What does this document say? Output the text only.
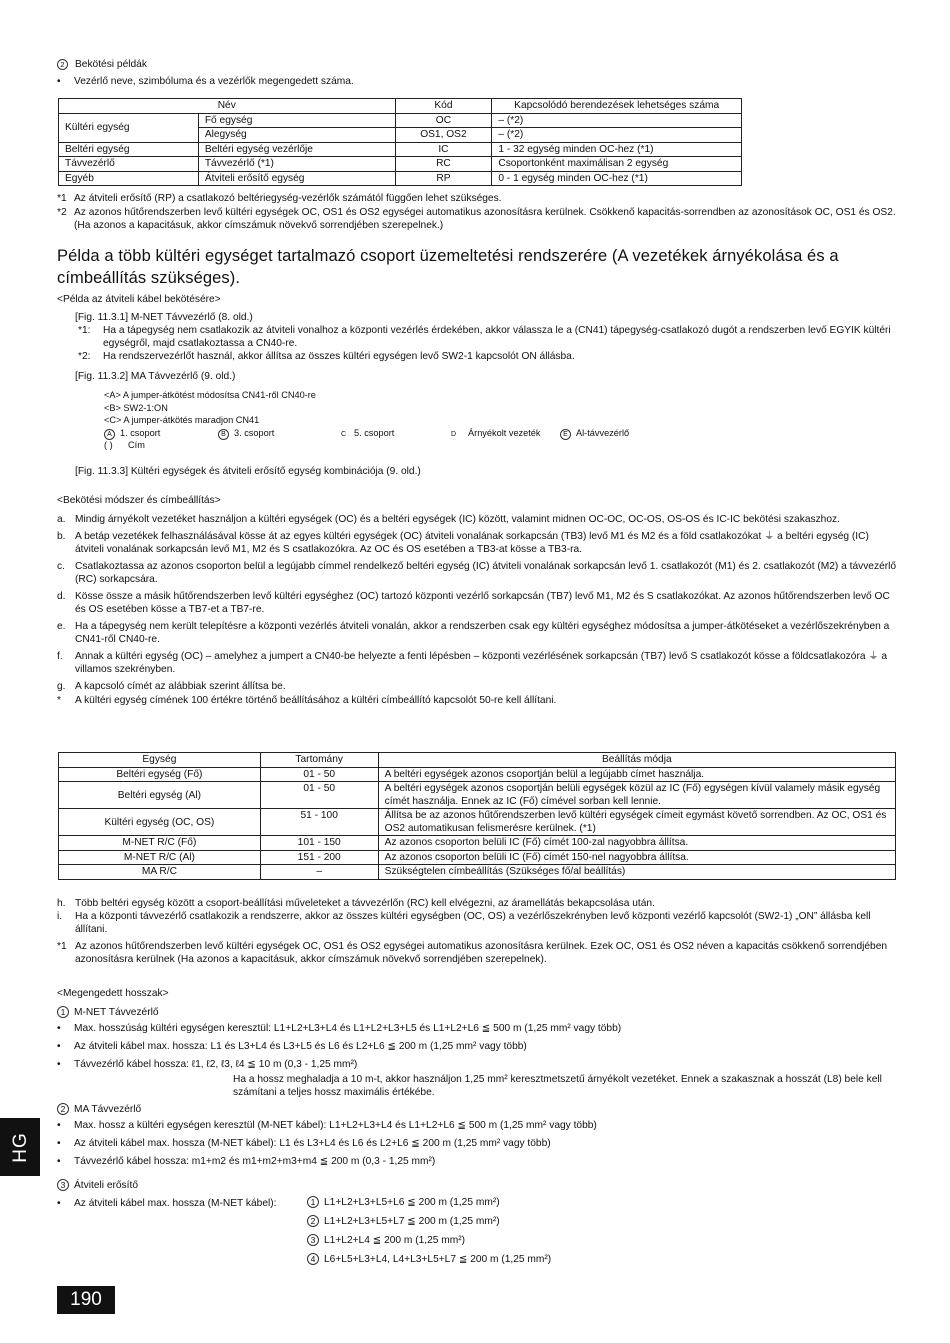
2 Bekötési példák
•	Vezérlő neve, szimbóluma és a vezérlők megengedett száma.
Név		Kód	Kapcsolódó berendezések lehetséges száma
Kültéri egység	Fő egység	OC	– (*2)
	Alegység	OS1, OS2	– (*2)
Beltéri egység	Beltéri egység vezérlője	IC	1 - 32 egység minden OC-hez (*1)
Távvezérlő	Távvezérlő (*1)	RC	Csoportonként maximálisan 2 egység
Egyéb	Átviteli erősítő egység	RP	0 - 1 egység minden OC-hez (*1)
*1 Az átviteli erősítő (RP) a csatlakozó beltériegység-vezérlők számától függően lehet szükséges.
*2 Az azonos hűtőrendszerben levő kültéri egységek OC, OS1 és OS2 egységei automatikus azonosításra kerülnek. Csökkenő kapacitás-sorrendben az azonosítások OC, OS1 és OS2. (Ha azonos a kapacitásuk, akkor címszámuk növekvő sorrendjében szerepelnek.)
Példa a több kültéri egységet tartalmazó csoport üzemeltetési rendszerére (A vezetékek árnyékolása és a címbeállítás szükséges).
<Példa az átviteli kábel bekötésére>
[Fig. 11.3.1] M-NET Távvezérlő (8. old.)
*1:	Ha a tápegység nem csatlakozik az átviteli vonalhoz a központi vezérlés érdekében, akkor válassza le a (CN41) tápegység-csatlakozó dugót a rendszerben levő EGYIK kültéri egységről, majd csatlakoztassa a CN40-re.
*2:	Ha rendszervezérlőt használ, akkor állítsa az összes kültéri egységen levő SW2-1 kapcsolót ON állásba.
[Fig. 11.3.2] MA Távvezérlő (9. old.)
<A> A jumper-átkötést módosítsa CN41-ről CN40-re
<B> SW2-1:ON
<C> A jumper-átkötés maradjon CN41
A 1. csoport	B 3. csoport	C 5. csoport	D Árnyékolt vezeték	E Al-távvezérlő
( )	Cím
[Fig. 11.3.3] Kültéri egységek és átviteli erősítő egység kombinációja (9. old.)
<Bekötési módszer és címbeállítás>
a. Mindig árnyékolt vezetéket használjon a kültéri egységek (OC) és a beltéri egységek (IC) között, valamint midnen OC-OC, OC-OS, OS-OS és IC-IC bekötési szakaszhoz.
b. A betáp vezetékek felhasználásával kösse át az egyes kültéri egységek (OC) átviteli vonalának sorkapcsán (TB3) levő M1 és M2 és a föld csatlakozókat ⏚ a beltéri egység (IC) átviteli vonalának sorkapcsán levő M1, M2 és S csatlakozókra. Az OC és OS esetében a TB3-at kösse a TB3-ra.
c. Csatlakoztassa az azonos csoporton belül a legújabb címmel rendelkező beltéri egység (IC) átviteli vonalának sorkapcsán levő 1. csatlakozót (M1) és 2. csatlakozót (M2) a távvezérlő (RC) sorkapcsára.
d. Kösse össze a másik hűtőrendszerben levő kültéri egységhez (OC) tartozó központi vezérlő sorkapcsán (TB7) levő M1, M2 és S csatlakozókat. Az azonos hűtőrendszerben levő OC és OS esetében kösse a TB7-et a TB7-re.
e. Ha a tápegység nem került telepítésre a központi vezérlés átviteli vonalán, akkor a rendszerben csak egy kültéri egységhez módosítsa a jumper-átkötéseket a vezérlőszekrényben a CN41-ről CN40-re.
f.	Annak a kültéri egység (OC) – amelyhez a jumpert a CN40-be helyezte a fenti lépésben – központi vezérlésének sorkapcsán (TB7) levő S csatlakozót kösse a földcsatlakozóra ⏚ a villamos szekrényben.
g. A kapcsoló címét az alábbiak szerint állítsa be.
*	A kültéri egység címének 100 értékre történő beállításához a kültéri címbeállító kapcsolót 50-re kell állítani.
Egység	Tartomány	Beállítás módja
Beltéri egység (Fő)	01 - 50	A beltéri egységek azonos csoportján belül a legújabb címet használja.
Beltéri egység (Al)	01 - 50	A beltéri egységek azonos csoportján belüli egységek közül az IC (Fő) egységen kívül valamely másik egység címét használja. Ennek az IC (Fő) címével sorban kell lennie.
Kültéri egység (OC, OS)	51 - 100	Állítsa be az azonos hűtőrendszerben levő kültéri egységek címeit egymást követő sorrendben. Az OC, OS1 és OS2 automatikusan felismerésre kerülnek. (*1)
M-NET R/C (Fő)	101 - 150	Az azonos csoporton belüli IC (Fő) címét 100-zal nagyobbra állítsa.
M-NET R/C (Al)	151 - 200	Az azonos csoporton belüli IC (Fő) címét 150-nel nagyobbra állítsa.
MA R/C	–	Szükségtelen címbeállítás (Szükséges fő/al beállítás)
h. Több beltéri egység között a csoport-beállítási műveleteket a távvezérlőn (RC) kell elvégezni, az áramellátás bekapcsolása után.
i.	Ha a központi távvezérlő csatlakozik a rendszerre, akkor az összes kültéri egységben (OC, OS) a vezérlőszekrényben levő központi vezérlő kapcsolót (SW2-1) „ON” állásba kell állítani.
*1 Az azonos hűtőrendszerben levő kültéri egységek OC, OS1 és OS2 egységei automatikus azonosításra kerülnek. Ezek OC, OS1 és OS2 néven a kapacitás csökkenő sorrendjében azonosításra kerülnek (Ha azonos a kapacitásuk, akkor címszámuk növekvő sorrendjében szerepelnek).
<Megengedett hosszak>
1 M-NET Távvezérlő
•	Max. hosszúság kültéri egységen keresztül: L1+L2+L3+L4 és L1+L2+L3+L5 és L1+L2+L6 ≦ 500 m (1,25 mm² vagy több)
•	Az átviteli kábel max. hossza: L1 és L3+L4 és L3+L5 és L6 és L2+L6 ≦ 200 m (1,25 mm² vagy több)
•	Távvezérlő kábel hossza: ℓ1, ℓ2, ℓ3, ℓ4 ≦ 10 m (0,3 - 1,25 mm²)
Ha a hossz meghaladja a 10 m-t, akkor használjon 1,25 mm² keresztmetszetű árnyékolt vezetéket. Ennek a szakasznak a hosszát (L8) bele kell számítani a teljes hossz maximális értékébe.
2 MA Távvezérlő
•	Max. hossz a kültéri egységen keresztül (M-NET kábel): L1+L2+L3+L4 és L1+L2+L6 ≦ 500 m (1,25 mm² vagy több)
•	Az átviteli kábel max. hossza (M-NET kábel): L1 és L3+L4 és L6 és L2+L6 ≦ 200 m (1,25 mm² vagy több)
•	Távvezérlő kábel hossza: m1+m2 és m1+m2+m3+m4 ≦ 200 m (0,3 - 1,25 mm²)
3 Átviteli erősítő
•	Az átviteli kábel max. hossza (M-NET kábel):	1 L1+L2+L3+L5+L6 ≦ 200 m (1,25 mm²)
2 L1+L2+L3+L5+L7 ≦ 200 m (1,25 mm²)
3 L1+L2+L4 ≦ 200 m (1,25 mm²)
4 L6+L5+L3+L4, L4+L3+L5+L7 ≦ 200 m (1,25 mm²)
HG
190
